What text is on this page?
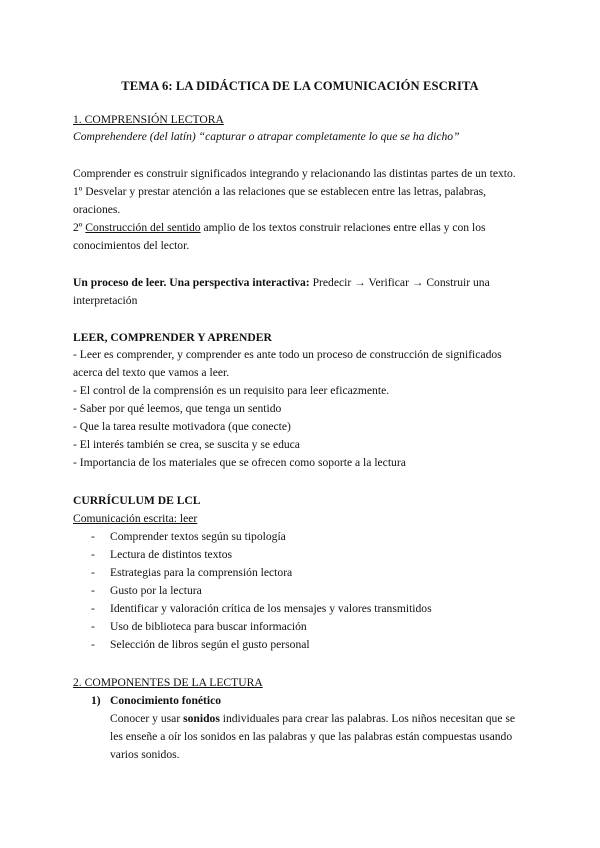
TEMA 6: LA DIDÁCTICA DE LA COMUNICACIÓN ESCRITA
1. COMPRENSIÓN LECTORA
Comprehendere (del latín) “capturar o atrapar completamente lo que se ha dicho”
Comprender es construir significados integrando y relacionando las distintas partes de un texto.
1º Desvelar y prestar atención a las relaciones que se establecen entre las letras, palabras,
oraciones.
2º Construcción del sentido amplio de los textos construir relaciones entre ellas y con los
conocimientos del lector.
Un proceso de leer. Una perspectiva interactiva: Predecir → Verificar → Construir una
interpretación
LEER, COMPRENDER Y APRENDER
- Leer es comprender, y comprender es ante todo un proceso de construcción de significados
acerca del texto que vamos a leer.
- El control de la comprensión es un requisito para leer eficazmente.
- Saber por qué leemos, que tenga un sentido
- Que la tarea resulte motivadora (que conecte)
- El interés también se crea, se suscita y se educa
- Importancia de los materiales que se ofrecen como soporte a la lectura
CURRÍCULUM DE LCL
Comunicación escrita: leer
- Comprender textos según su tipología
- Lectura de distintos textos
- Estrategias para la comprensión lectora
- Gusto por la lectura
- Identificar y valoración crítica de los mensajes y valores transmitidos
- Uso de biblioteca para buscar información
- Selección de libros según el gusto personal
2. COMPONENTES DE LA LECTURA
1) Conocimiento fonético
Conocer y usar sonidos individuales para crear las palabras. Los niños necesitan que se
les enseñe a oír los sonidos en las palabras y que las palabras están compuestas usando
varios sonidos.
